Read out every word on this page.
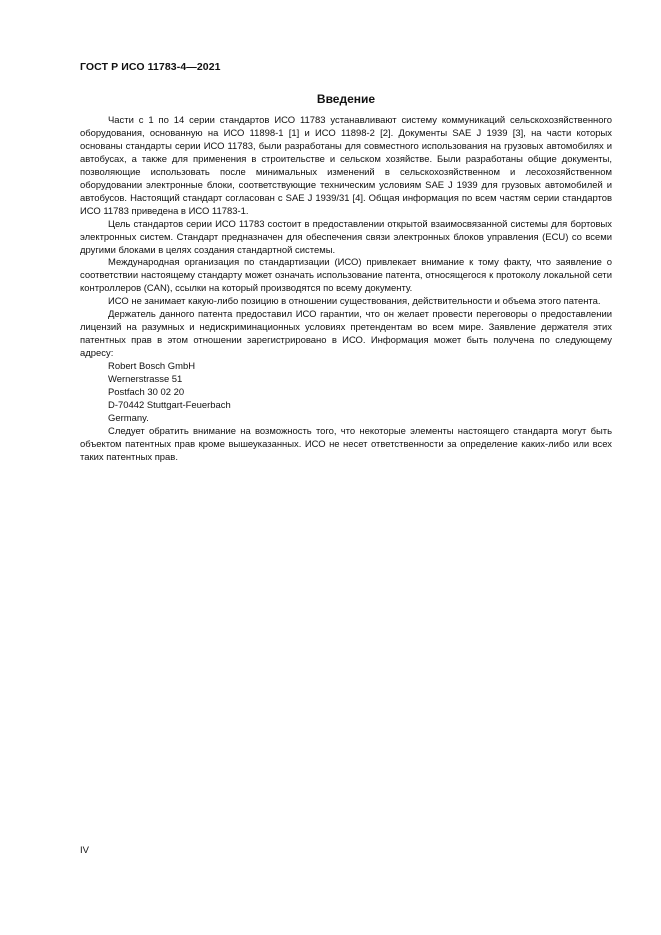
ГОСТ Р ИСО 11783-4—2021
Введение

Части с 1 по 14 серии стандартов ИСО 11783 устанавливают систему коммуникаций сельскохозяйственного оборудования, основанную на ИСО 11898-1 [1] и ИСО 11898-2 [2]. Документы SAE J 1939 [3], на части которых основаны стандарты серии ИСО 11783, были разработаны для совместного использования на грузовых автомобилях и автобусах, а также для применения в строительстве и сельском хозяйстве. Были разработаны общие документы, позволяющие использовать после минимальных изменений в сельскохозяйственном и лесохозяйственном оборудовании электронные блоки, соответствующие техническим условиям SAE J 1939 для грузовых автомобилей и автобусов. Настоящий стандарт согласован с SAE J 1939/31 [4]. Общая информация по всем частям серии стандартов ИСО 11783 приведена в ИСО 11783-1.

Цель стандартов серии ИСО 11783 состоит в предоставлении открытой взаимосвязанной системы для бортовых электронных систем. Стандарт предназначен для обеспечения связи электронных блоков управления (ECU) со всеми другими блоками в целях создания стандартной системы.

Международная организация по стандартизации (ИСО) привлекает внимание к тому факту, что заявление о соответствии настоящему стандарту может означать использование патента, относящегося к протоколу локальной сети контроллеров (CAN), ссылки на который производятся по всему документу.

ИСО не занимает какую-либо позицию в отношении существования, действительности и объема этого патента.

Держатель данного патента предоставил ИСО гарантии, что он желает провести переговоры о предоставлении лицензий на разумных и недискриминационных условиях претендентам во всем мире. Заявление держателя этих патентных прав в этом отношении зарегистрировано в ИСО. Информация может быть получена по следующему адресу:

Robert Bosch GmbH
Wernerstrasse 51
Postfach 30 02 20
D-70442 Stuttgart-Feuerbach
Germany.

Следует обратить внимание на возможность того, что некоторые элементы настоящего стандарта могут быть объектом патентных прав кроме вышеуказанных. ИСО не несет ответственности за определение каких-либо или всех таких патентных прав.

IV
